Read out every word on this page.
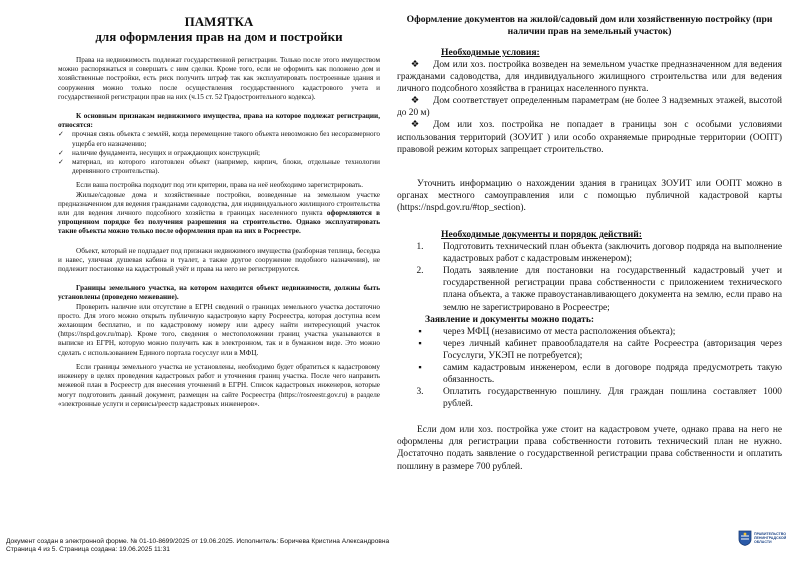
ПАМЯТКА
для оформления прав на дом и постройки

Права на недвижимость подлежат государственной регистрации. Только после этого имуществом можно распоряжаться и совершать с ним сделки. Кроме того, если не оформить как положено дом и хозяйственные постройки, есть риск получить штраф так как эксплуатировать построенные здания и сооружения можно только после осуществления государственного кадастрового учета и государственной регистрации прав на них (ч.15 ст. 52 Градостроительного кодекса).

К основным признакам недвижимого имущества, права на которое подлежат регистрации, относятся:

✓	прочная связь объекта с землёй, когда перемещение такого объекта невозможно без несоразмерного ущерба его назначению;
✓	наличие фундамента, несущих и ограждающих конструкций;
✓	материал, из которого изготовлен объект (например, кирпич, блоки, отдельные технологии деревянного строительства).

Если ваша постройка подходит под эти критерии, права на неё необходимо зарегистрировать.

Жилые/садовые дома и хозяйственные постройки, возведенные на земельном участке предназначенном для ведения гражданами садоводства, для индивидуального жилищного строительства или для ведения личного подсобного хозяйства в границах населенного пункта оформляются в упрощенном порядке без получения разрешения на строительство. Однако эксплуатировать такие объекты можно только после оформления прав на них в Росреестре.

Объект, который не подпадает под признаки недвижимого имущества (разборная теплица, беседка и навес, уличная душевая кабина и туалет, а также другое сооружение подобного назначения), не подлежит постановке на кадастровый учёт и права на него не регистрируются.

Границы земельного участка, на котором находится объект недвижимости, должны быть установлены (проведено межевание).

Проверить наличие или отсутствие в ЕГРН сведений о границах земельного участка достаточно просто. Для этого можно открыть публичную кадастровую карту Росреестра, которая доступна всем желающим бесплатно, и по кадастровому номеру или адресу найти интересующий участок (https://nspd.gov.ru/map). Кроме того, сведения о местоположении границ участка указываются в выписке из ЕГРН, которую можно получить как в электронном, так и в бумажном виде. Это можно сделать с использованием Единого портала госуслуг или в МФЦ.

Если границы земельного участка не установлены, необходимо будет обратиться к кадастровому инженеру в целях проведения кадастровых работ и уточнения границ участка. После чего направить межевой план в Росреестр для внесения уточнений в ЕГРН. Список кадастровых инженеров, которые могут подготовить данный документ, размещен на сайте Росреестра (https://rosreestr.gov.ru) в разделе «электронные услуги и сервисы/реестр кадастровых инженеров».

Оформление документов на жилой/садовый дом или хозяйственную постройку (при наличии прав на земельный участок)
Необходимые условия:

❖ Дом или хоз. постройка возведен на земельном участке предназначенном для ведения гражданами садоводства, для индивидуального жилищного строительства или для ведения личного подсобного хозяйства в границах населенного пункта.

❖ Дом соответствует определенным параметрам (не более 3 надземных этажей, высотой до 20 м)

❖ Дом или хоз. постройка не попадает в границы зон с особыми условиями использования территорий (ЗОУИТ ) или особо охраняемые природные территории (ООПТ) правовой режим которых запрещает строительство.

Уточнить информацию о нахождении здания в границах ЗОУИТ или ООПТ можно в органах местного самоуправления или с помощью публичной кадастровой карты (https://nspd.gov.ru/#top_section).

Необходимые документы и порядок действий:
1.	Подготовить технический план объекта (заключить договор подряда на выполнение кадастровых работ с кадастровым инженером);
2.	Подать заявление для постановки на государственный кадастровый учет и государственной регистрации права собственности с приложением технического плана объекта, а также правоустанавливающего документа на землю, если право на землю не зарегистрировано в Росреестре;
Заявление и документы можно подать:
▪	через МФЦ (независимо от места расположения объекта);
▪	через личный кабинет правообладателя на сайте Росреестра (авторизация через Госуслуги, УКЭП не потребуется);
▪	самим кадастровым инженером, если в договоре подряда предусмотреть такую обязанность.
3.	Оплатить государственную пошлину. Для граждан пошлина составляет 1000 рублей.

Если дом или хоз. постройка уже стоит на кадастровом учете, однако права на него не оформлены для регистрации права собственности готовить технический план не нужно. Достаточно подать заявление о государственной регистрации права собственности и оплатить пошлину в размере 700 рублей.

Документ создан в электронной форме. № 01-10-8699/2025 от 19.06.2025. Исполнитель: Боричева Кристина Александровна
Страница 4 из 5. Страница создана: 19.06.2025 11:31
ПРАВИТЕЛЬСТВО ЛЕНИНГРАДСКОЙ ОБЛАСТИ
